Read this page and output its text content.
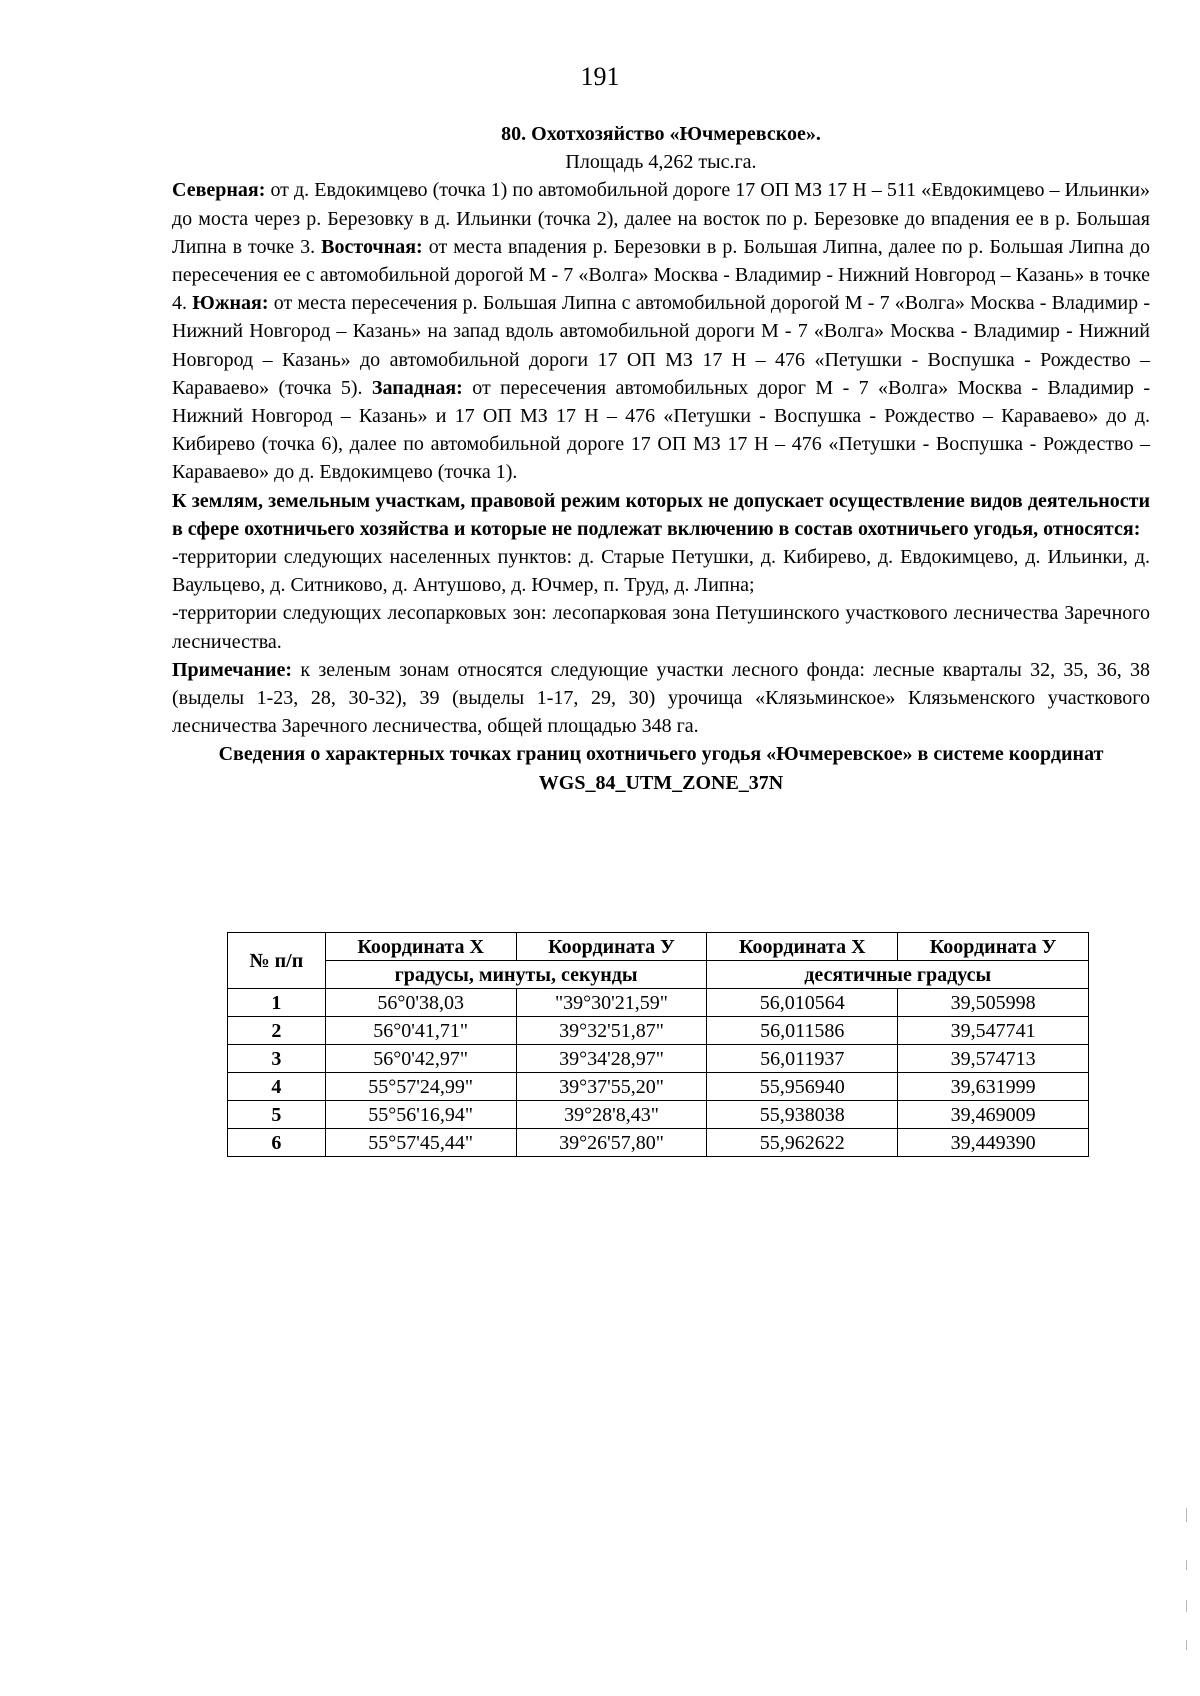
191

80. Охотхозяйство «Ючмеревское».

Площадь 4,262 тыс.га.

Северная: от д. Евдокимцево (точка 1) по автомобильной дороге 17 ОП МЗ 17 Н – 511 «Евдокимцево – Ильинки» до моста через р. Березовку в д. Ильинки (точка 2), далее на восток по р. Березовке до впадения ее в р. Большая Липна в точке 3. Восточная: от места впадения р. Березовки в р. Большая Липна, далее по р. Большая Липна до пересечения ее с автомобильной дорогой М - 7 «Волга» Москва - Владимир - Нижний Новгород – Казань» в точке 4. Южная: от места пересечения р. Большая Липна с автомобильной дорогой М - 7 «Волга» Москва - Владимир - Нижний Новгород – Казань» на запад вдоль автомобильной дороги М - 7 «Волга» Москва - Владимир - Нижний Новгород – Казань» до автомобильной дороги 17 ОП МЗ 17 Н – 476 «Петушки - Воспушка - Рождество – Караваево» (точка 5). Западная: от пересечения автомобильных дорог М - 7 «Волга» Москва - Владимир - Нижний Новгород – Казань» и 17 ОП МЗ 17 Н – 476 «Петушки - Воспушка - Рождество – Караваево» до д. Кибирево (точка 6), далее по автомобильной дороге 17 ОП МЗ 17 Н – 476 «Петушки - Воспушка - Рождество – Караваево» до д. Евдокимцево (точка 1).

К землям, земельным участкам, правовой режим которых не допускает осуществление видов деятельности в сфере охотничьего хозяйства и которые не подлежат включению в состав охотничьего угодья, относятся:

-территории следующих населенных пунктов: д. Старые Петушки, д. Кибирево, д. Евдокимцево, д. Ильинки, д. Ваульцево, д. Ситниково, д. Антушово, д. Ючмер, п. Труд, д. Липна;

-территории следующих лесопарковых зон: лесопарковая зона Петушинского участкового лесничества Заречного лесничества.

Примечание: к зеленым зонам относятся следующие участки лесного фонда: лесные кварталы 32, 35, 36, 38 (выделы 1-23, 28, 30-32), 39 (выделы 1-17, 29, 30) урочища «Клязьминское» Клязьменского участкового лесничества Заречного лесничества, общей площадью 348 га.

Сведения о характерных точках границ охотничьего угодья «Ючмеревское» в системе координат WGS_84_UTM_ZONE_37N

№ п/п	Координата Х	Координата У	Координата Х	Координата У
	градусы, минуты, секунды		десятичные градусы	
1	56°0'38,03	"39°30'21,59"	56,010564	39,505998
2	56°0'41,71"	39°32'51,87"	56,011586	39,547741
3	56°0'42,97"	39°34'28,97"	56,011937	39,574713
4	55°57'24,99"	39°37'55,20"	55,956940	39,631999
5	55°56'16,94"	39°28'8,43"	55,938038	39,469009
6	55°57'45,44"	39°26'57,80"	55,962622	39,449390
